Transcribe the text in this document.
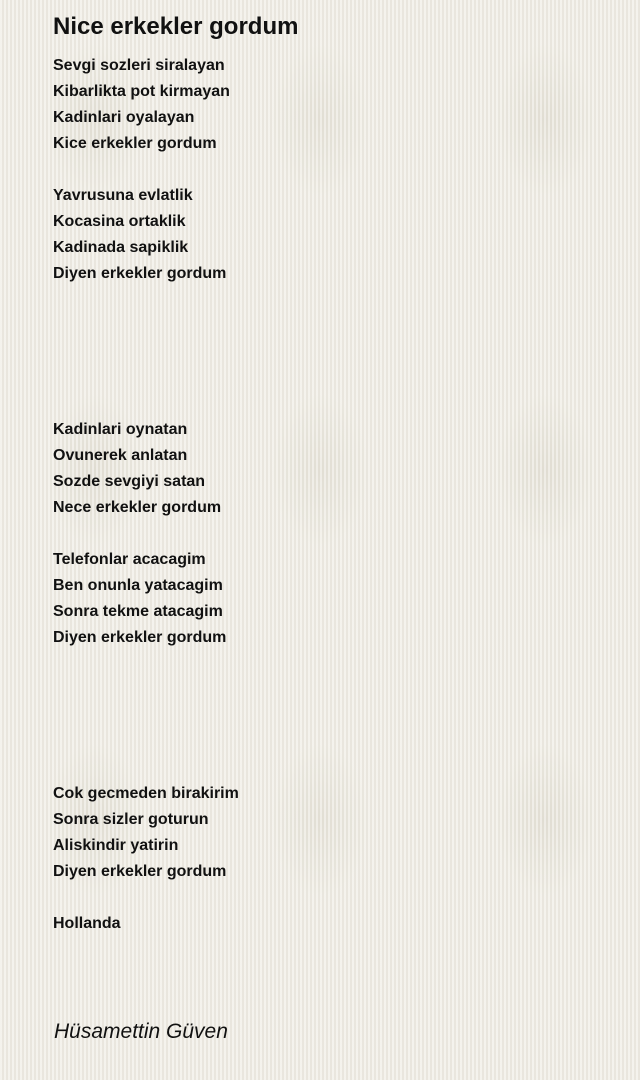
Nice erkekler gordum
Sevgi sozleri siralayan
Kibarlikta pot kirmayan
Kadinlari oyalayan
Kice erkekler gordum
Yavrusuna evlatlik
Kocasina ortaklik
Kadinada sapiklik
Diyen erkekler gordum
Kadinlari oynatan
Ovunerek anlatan
Sozde sevgiyi satan
Nece erkekler gordum
Telefonlar acacagim
Ben onunla yatacagim
Sonra tekme atacagim
Diyen erkekler gordum
Cok gecmeden birakirim
Sonra sizler goturun
Aliskindir yatirin
Diyen erkekler gordum
Hollanda
Hüsamettin Güven
